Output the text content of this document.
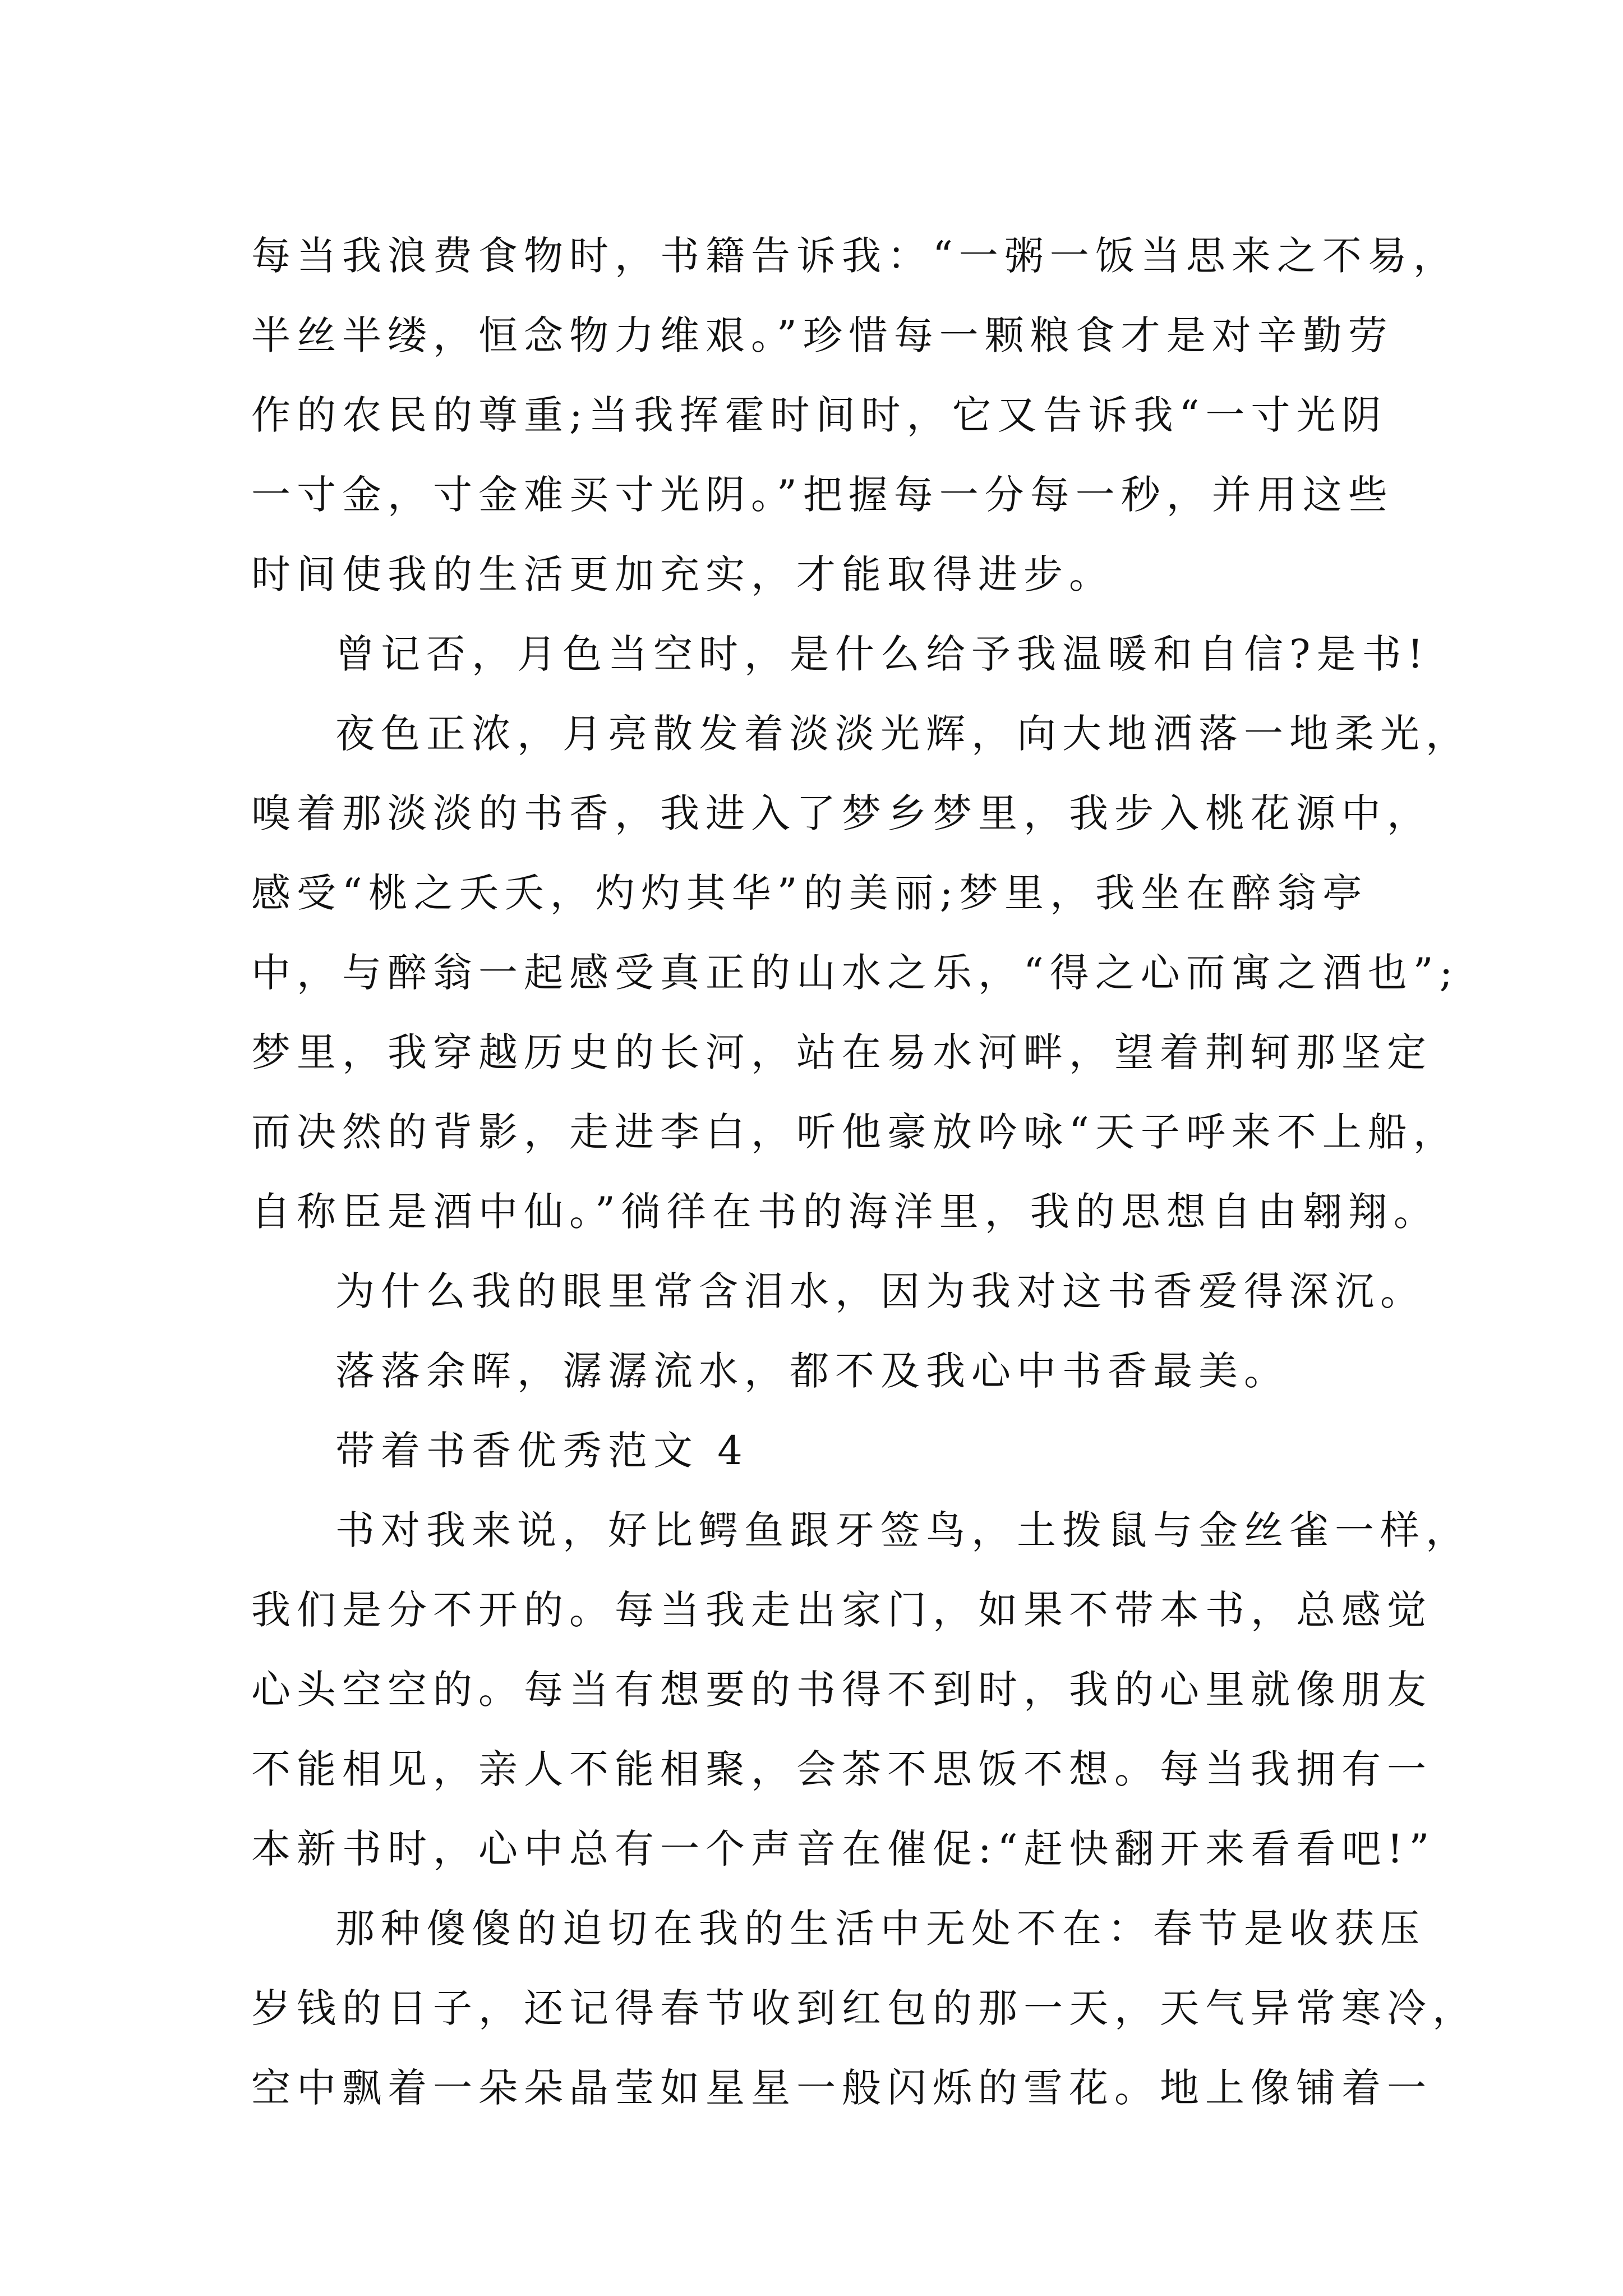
每当我浪费食物时，书籍告诉我：“一粥一饭当思来之不易，
半丝半缕，恒念物力维艰。”珍惜每一颗粮食才是对辛勤劳
作的农民的尊重;当我挥霍时间时，它又告诉我“一寸光阴
一寸金，寸金难买寸光阴。”把握每一分每一秒，并用这些
时间使我的生活更加充实，才能取得进步。
曾记否，月色当空时，是什么给予我温暖和自信?是书!
夜色正浓，月亮散发着淡淡光辉，向大地洒落一地柔光，
嗅着那淡淡的书香，我进入了梦乡梦里，我步入桃花源中，
感受“桃之夭夭，灼灼其华”的美丽;梦里，我坐在醉翁亭
中，与醉翁一起感受真正的山水之乐，“得之心而寓之酒也”;
梦里，我穿越历史的长河，站在易水河畔，望着荆轲那坚定
而决然的背影，走进李白，听他豪放吟咏“天子呼来不上船，
自称臣是酒中仙。”徜徉在书的海洋里，我的思想自由翱翔。
为什么我的眼里常含泪水，因为我对这书香爱得深沉。
落落余晖，潺潺流水，都不及我心中书香最美。
带着书香优秀范文 4
书对我来说，好比鳄鱼跟牙签鸟，土拨鼠与金丝雀一样，
我们是分不开的。每当我走出家门，如果不带本书，总感觉
心头空空的。每当有想要的书得不到时，我的心里就像朋友
不能相见，亲人不能相聚，会茶不思饭不想。每当我拥有一
本新书时，心中总有一个声音在催促:“赶快翻开来看看吧!”
那种傻傻的迫切在我的生活中无处不在：春节是收获压
岁钱的日子，还记得春节收到红包的那一天，天气异常寒冷，
空中飘着一朵朵晶莹如星星一般闪烁的雪花。地上像铺着一
